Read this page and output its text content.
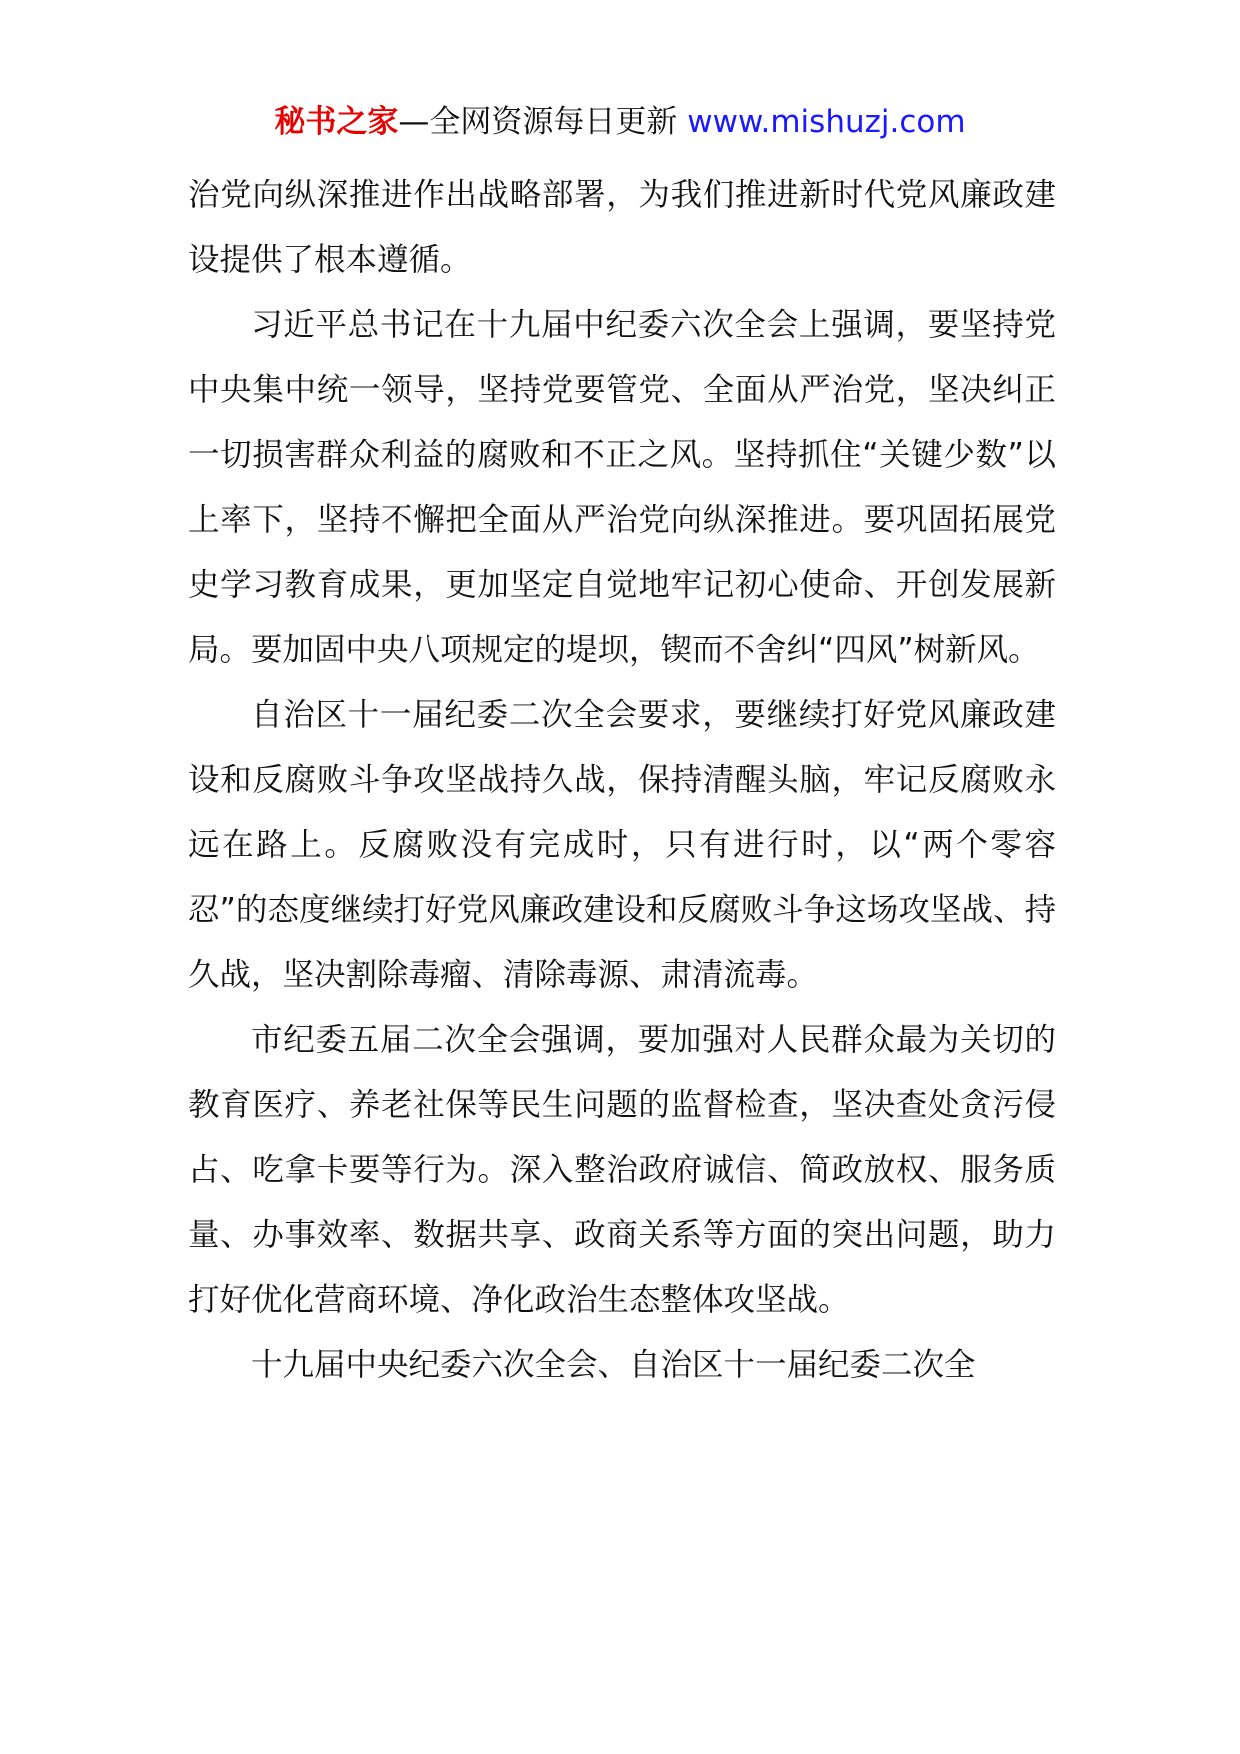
秘书之家—全网资源每日更新 www.mishuzj.com

治党向纵深推进作出战略部署，为我们推进新时代党风廉政建设提供了根本遵循。

习近平总书记在十九届中纪委六次全会上强调，要坚持党中央集中统一领导，坚持党要管党、全面从严治党，坚决纠正一切损害群众利益的腐败和不正之风。坚持抓住“关键少数”以上率下，坚持不懈把全面从严治党向纵深推进。要巩固拓展党史学习教育成果，更加坚定自觉地牢记初心使命、开创发展新局。要加固中央八项规定的堤坝，锲而不舍纠“四风”树新风。

自治区十一届纪委二次全会要求，要继续打好党风廉政建设和反腐败斗争攻坚战持久战，保持清醒头脑，牢记反腐败永远在路上。反腐败没有完成时，只有进行时，以“两个零容忍”的态度继续打好党风廉政建设和反腐败斗争这场攻坚战、持久战，坚决割除毒瘤、清除毒源、肃清流毒。

市纪委五届二次全会强调，要加强对人民群众最为关切的教育医疗、养老社保等民生问题的监督检查，坚决查处贪污侵占、吃拿卡要等行为。深入整治政府诚信、简政放权、服务质量、办事效率、数据共享、政商关系等方面的突出问题，助力打好优化营商环境、净化政治生态整体攻坚战。

十九届中央纪委六次全会、自治区十一届纪委二次全
